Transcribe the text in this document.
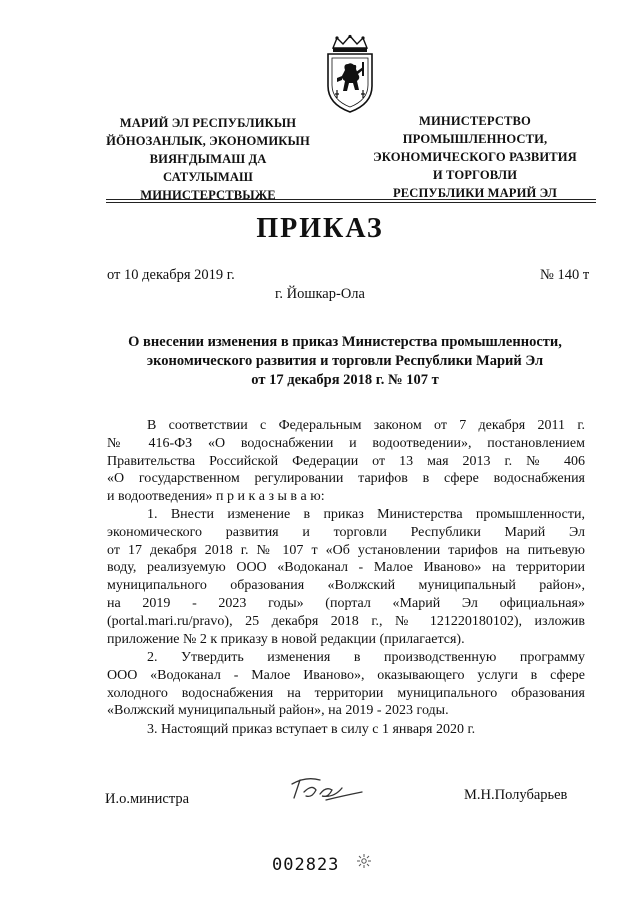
МАРИЙ ЭЛ РЕСПУБЛИКЫН
ЙӦНОЗАНЛЫК, ЭКОНОМИКЫН
ВИЯҤДЫМАШ ДА
САТУЛЫМАШ
МИНИСТЕРСТВЫЖЕ
МИНИСТЕРСТВО
ПРОМЫШЛЕННОСТИ,
ЭКОНОМИЧЕСКОГО РАЗВИТИЯ
И ТОРГОВЛИ
РЕСПУБЛИКИ МАРИЙ ЭЛ
ПРИКАЗ
от 10 декабря 2019 г.	№ 140 т
г. Йошкар-Ола
О внесении изменения в приказ Министерства промышленности,
экономического развития и торговли Республики Марий Эл
от 17 декабря 2018 г. № 107 т
В соответствии с Федеральным законом от 7 декабря 2011 г.
№ 416-ФЗ «О водоснабжении и водоотведении», постановлением
Правительства Российской Федерации от 13 мая 2013 г. № 406
«О государственном регулировании тарифов в сфере водоснабжения
и водоотведения» п р и к а з ы в а ю:
1. Внести изменение в приказ Министерства промышленности,
экономического развития и торговли Республики Марий Эл
от 17 декабря 2018 г. № 107 т «Об установлении тарифов на питьевую
воду, реализуемую ООО «Водоканал - Малое Иваново» на территории
муниципального образования «Волжский муниципальный район»,
на 2019 - 2023 годы» (портал «Марий Эл официальная»
(portal.mari.ru/pravo), 25 декабря 2018 г., № 121220180102), изложив
приложение № 2 к приказу в новой редакции (прилагается).
2. Утвердить изменения в производственную программу
ООО «Водоканал - Малое Иваново», оказывающего услуги в сфере
холодного водоснабжения на территории муниципального образования
«Волжский муниципальный район», на 2019 - 2023 годы.
3. Настоящий приказ вступает в силу с 1 января 2020 г.
И.о.министра	М.Н.Полубарьев
002823
